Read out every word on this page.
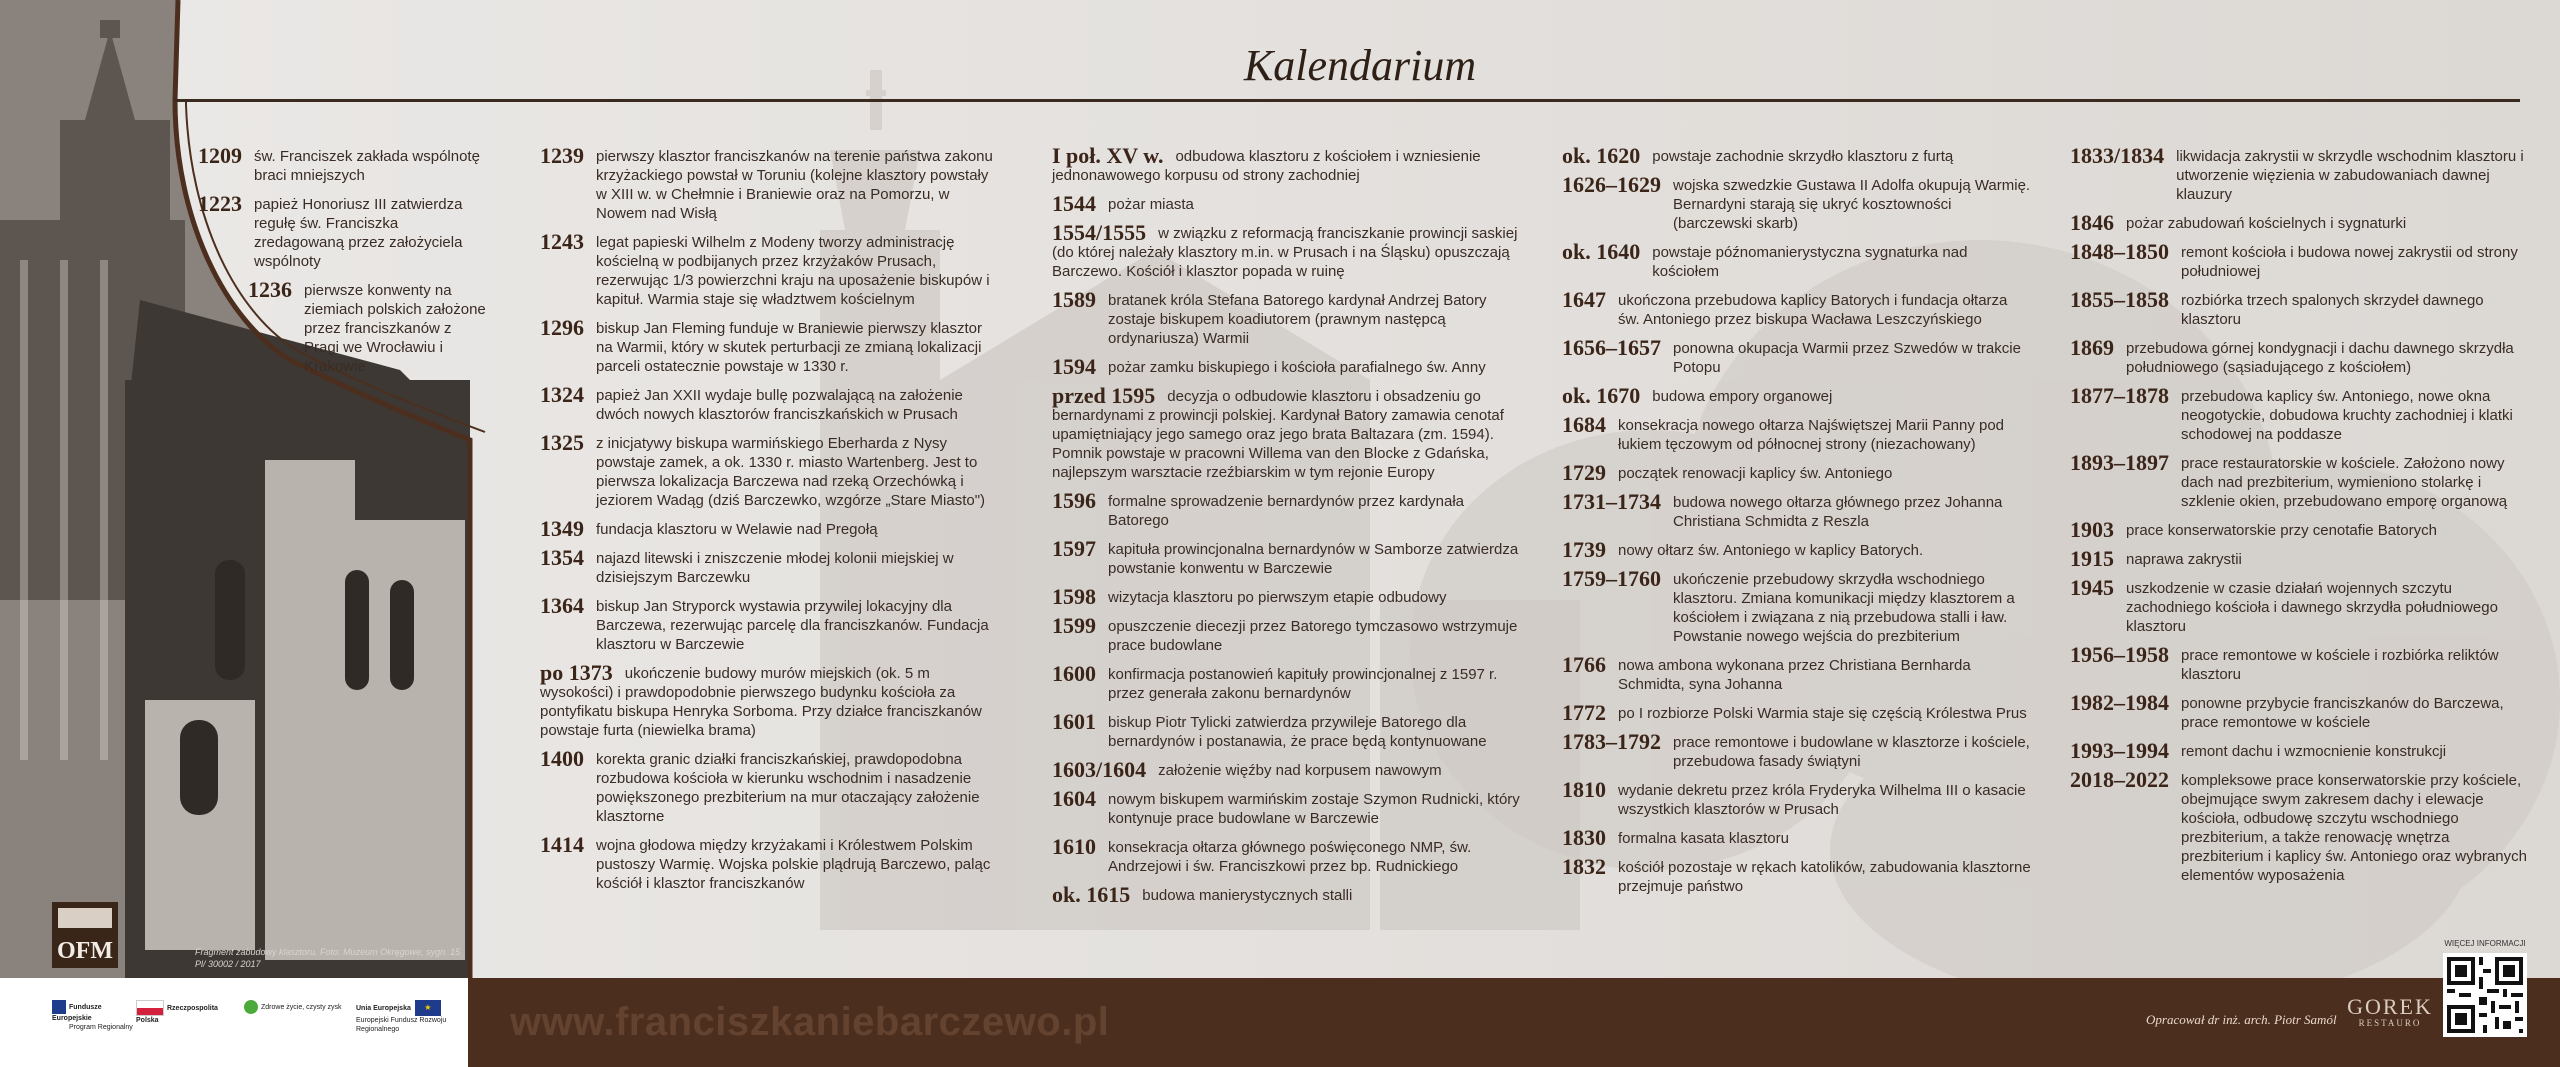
Kalendarium
1209 św. Franciszek zakłada wspólnotę braci mniejszych
1223 papież Honoriusz III zatwierdza regułę św. Franciszka zredagowaną przez założyciela wspólnoty
1236 pierwsze konwenty na ziemiach polskich założone przez franciszkanów z Pragi we Wrocławiu i Krakowie
1239 pierwszy klasztor franciszkanów na terenie państwa zakonu krzyżackiego powstał w Toruniu (kolejne klasztory powstały w XIII w. w Chełmnie i Braniewie oraz na Pomorzu, w Nowem nad Wisłą
1243 legat papieski Wilhelm z Modeny tworzy administrację kościelną w podbijanych przez krzyżaków Prusach, rezerwując 1/3 powierzchni kraju na uposażenie biskupów i kapituł. Warmia staje się władztwem kościelnym
1296 biskup Jan Fleming funduje w Braniewie pierwszy klasztor na Warmii, który w skutek perturbacji ze zmianą lokalizacji parceli ostatecznie powstaje w 1330 r.
1324 papież Jan XXII wydaje bullę pozwalającą na założenie dwóch nowych klasztorów franciszkańskich w Prusach
1325 z inicjatywy biskupa warmińskiego Eberharda z Nysy powstaje zamek, a ok. 1330 r. miasto Wartenberg. Jest to pierwsza lokalizacja Barczewa nad rzeką Orzechówką i jeziorem Wadąg (dziś Barczewko, wzgórze „Stare Miasto")
1349 fundacja klasztoru w Welawie nad Pregołą
1354 najazd litewski i zniszczenie młodej kolonii miejskiej w dzisiejszym Barczewku
1364 biskup Jan Stryporck wystawia przywilej lokacyjny dla Barczewa, rezerwując parcelę dla franciszkanów. Fundacja klasztoru w Barczewie
po 1373 ukończenie budowy murów miejskich (ok. 5 m wysokości) i prawdopodobnie pierwszego budynku kościoła za pontyfikatu biskupa Henryka Sorboma. Przy działce franciszkanów powstaje furta (niewielka brama)
1400 korekta granic działki franciszkańskiej, prawdopodobna rozbudowa kościoła w kierunku wschodnim i nasadzenie powiększonego prezbiterium na mur otaczający założenie klasztorne
1414 wojna głodowa między krzyżakami i Królestwem Polskim pustoszy Warmię. Wojska polskie plądrują Barczewo, paląc kościół i klasztor franciszkanów
I poł. XV w. odbudowa klasztoru z kościołem i wzniesienie jednonawowego korpusu od strony zachodniej
1544 pożar miasta
1554/1555 w związku z reformacją franciszkanie prowincji saskiej (do której należały klasztory m.in. w Prusach i na Śląsku) opuszczają Barczewo. Kościół i klasztor popada w ruinę
1589 bratanek króla Stefana Batorego kardynał Andrzej Batory zostaje biskupem koadiutorem (prawnym następcą ordynariusza) Warmii
1594 pożar zamku biskupiego i kościoła parafialnego św. Anny
przed 1595 decyzja o odbudowie klasztoru i obsadzeniu go bernardynami z prowincji polskiej. Kardynał Batory zamawia cenotaf upamiętniający jego samego oraz jego brata Baltazara (zm. 1594). Pomnik powstaje w pracowni Willema van den Blocke z Gdańska, najlepszym warsztacie rzeźbiarskim w tym rejonie Europy
1596 formalne sprowadzenie bernardynów przez kardynała Batorego
1597 kapituła prowincjonalna bernardynów w Samborze zatwierdza powstanie konwentu w Barczewie
1598 wizytacja klasztoru po pierwszym etapie odbudowy
1599 opuszczenie diecezji przez Batorego tymczasowo wstrzymuje prace budowlane
1600 konfirmacja postanowień kapituły prowincjonalnej z 1597 r. przez generała zakonu bernardynów
1601 biskup Piotr Tylicki zatwierdza przywileje Batorego dla bernardynów i postanawia, że prace będą kontynuowane
1603/1604 założenie więźby nad korpusem nawowym
1604 nowym biskupem warmińskim zostaje Szymon Rudnicki, który kontynuje prace budowlane w Barczewie
1610 konsekracja ołtarza głównego poświęconego NMP, św. Andrzejowi i św. Franciszkowi przez bp. Rudnickiego
ok. 1615 budowa manierystycznych stalli
ok. 1620 powstaje zachodnie skrzydło klasztoru z furtą
1626–1629 wojska szwedzkie Gustawa II Adolfa okupują Warmię. Bernardyni starają się ukryć kosztowności (barczewski skarb)
ok. 1640 powstaje późnomanierystyczna sygnaturka nad kościołem
1647 ukończona przebudowa kaplicy Batorych i fundacja ołtarza św. Antoniego przez biskupa Wacława Leszczyńskiego
1656–1657 ponowna okupacja Warmii przez Szwedów w trakcie Potopu
ok. 1670 budowa empory organowej
1684 konsekracja nowego ołtarza Najświętszej Marii Panny pod łukiem tęczowym od północnej strony (niezachowany)
1729 początek renowacji kaplicy św. Antoniego
1731–1734 budowa nowego ołtarza głównego przez Johanna Christiana Schmidta z Reszla
1739 nowy ołtarz św. Antoniego w kaplicy Batorych.
1759–1760 ukończenie przebudowy skrzydła wschodniego klasztoru. Zmiana komunikacji między klasztorem a kościołem i związana z nią przebudowa stalli i ław. Powstanie nowego wejścia do prezbiterium
1766 nowa ambona wykonana przez Christiana Bernharda Schmidta, syna Johanna
1772 po I rozbiorze Polski Warmia staje się częścią Królestwa Prus
1783–1792 prace remontowe i budowlane w klasztorze i kościele, przebudowa fasady świątyni
1810 wydanie dekretu przez króla Fryderyka Wilhelma III o kasacie wszystkich klasztorów w Prusach
1830 formalna kasata klasztoru
1832 kościół pozostaje w rękach katolików, zabudowania klasztorne przejmuje państwo
1833/1834 likwidacja zakrystii w skrzydle wschodnim klasztoru i utworzenie więzienia w zabudowaniach dawnej klauzury
1846 pożar zabudowań kościelnych i sygnaturki
1848–1850 remont kościoła i budowa nowej zakrystii od strony południowej
1855–1858 rozbiórka trzech spalonych skrzydeł dawnego klasztoru
1869 przebudowa górnej kondygnacji i dachu dawnego skrzydła południowego (sąsiadującego z kościołem)
1877–1878 przebudowa kaplicy św. Antoniego, nowe okna neogotyckie, dobudowa kruchty zachodniej i klatki schodowej na poddasze
1893–1897 prace restauratorskie w kościele. Założono nowy dach nad prezbiterium, wymieniono stolarkę i szklenie okien, przebudowano emporę organową
1903 prace konserwatorskie przy cenotafie Batorych
1915 naprawa zakrystii
1945 uszkodzenie w czasie działań wojennych szczytu zachodniego kościoła i dawnego skrzydła południowego klasztoru
1956–1958 prace remontowe w kościele i rozbiórka reliktów klasztoru
1982–1984 ponowne przybycie franciszkanów do Barczewa, prace remontowe w kościele
1993–1994 remont dachu i wzmocnienie konstrukcji
2018–2022 kompleksowe prace konserwatorskie przy kościele, obejmujące swym zakresem dachy i elewacje kościoła, odbudowę szczytu wschodniego prezbiterium, a także renowację wnętrza prezbiterium i kaplicy św. Antoniego oraz wybranych elementów wyposażenia
OFM	Fragment zabudowy klasztoru. Foto: Muzeum Okręgowe, sygn. 15 Pl/ 30002 / 2017
Fundusze Europejskie
Program Regionalny
Rzeczpospolita Polska
Zdrowe życie, czysty zysk	Unia Europejska ★
Europejski Fundusz Rozwoju Regionalnego	www.franciszkaniebarczewo.pl	Opracował dr inż. arch. Piotr Samól
GOREK
RESTAURO
WIĘCEJ INFORMACJI
